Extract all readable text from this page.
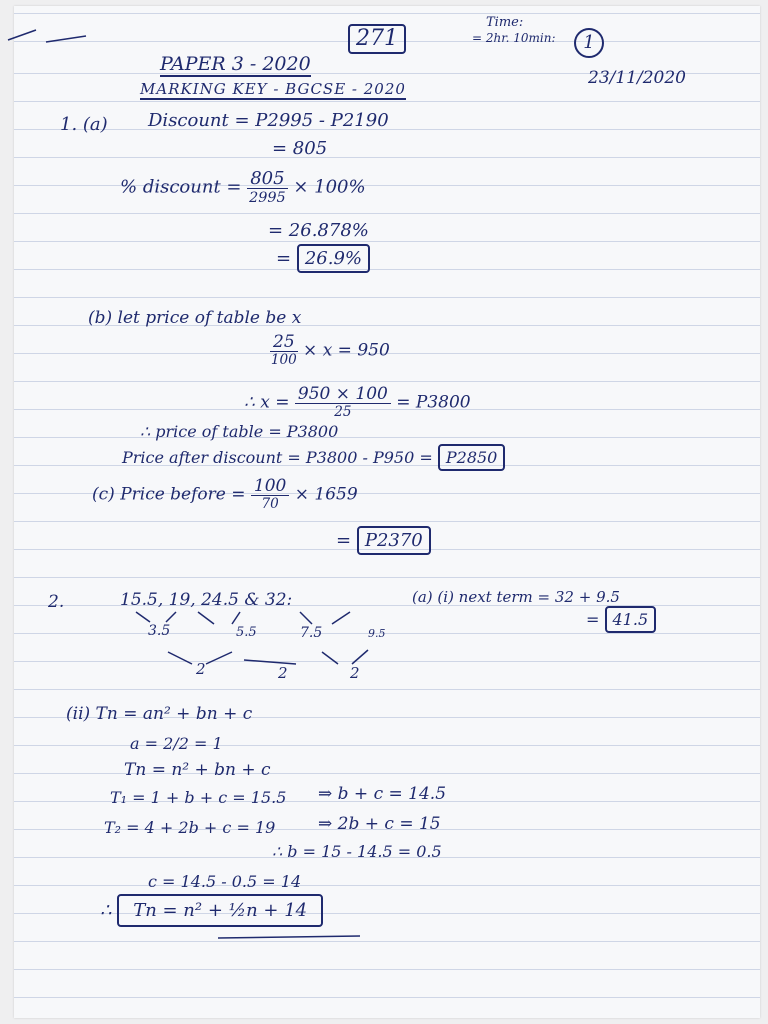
271
Time:
= 2hr. 10min:	1
PAPER 3 - 2020
MARKING KEY - BGCSE - 2020
23/11/2020
1. (a) Discount = P2995 - P2190
= 805
% discount = $\frac{805}{2995} \times 100\%$
= 26.878%
= 26.9%
(b) let price of table be x
$\frac{25}{100} \times x = 950$
∴ $x = \frac{950 \times 100}{25} = P3800$
∴ price of table = P3800
Price after discount = P3800 - P950 = P2850
(c) Price before = $\frac{100}{70} \times 1659$
= P2370
2.	15.5, 19, 24.5 & 32:
3.5	5.5	7.5	9.5
2	2	2
(a) (i) next term = 32 + 9.5
= 41.5
(ii) Tn = an² + bn + c
a = 2/2 = 1
Tn = n² + bn + c
T₁ = 1 + b + c = 15.5 ⇒ b + c = 14.5
T₂ = 4 + 2b + c = 19	⇒ 2b + c = 15
∴ b = 15 - 14.5 = 0.5
c = 14.5 - 0.5 = 14
∴ Tn = n² + ½n + 14
